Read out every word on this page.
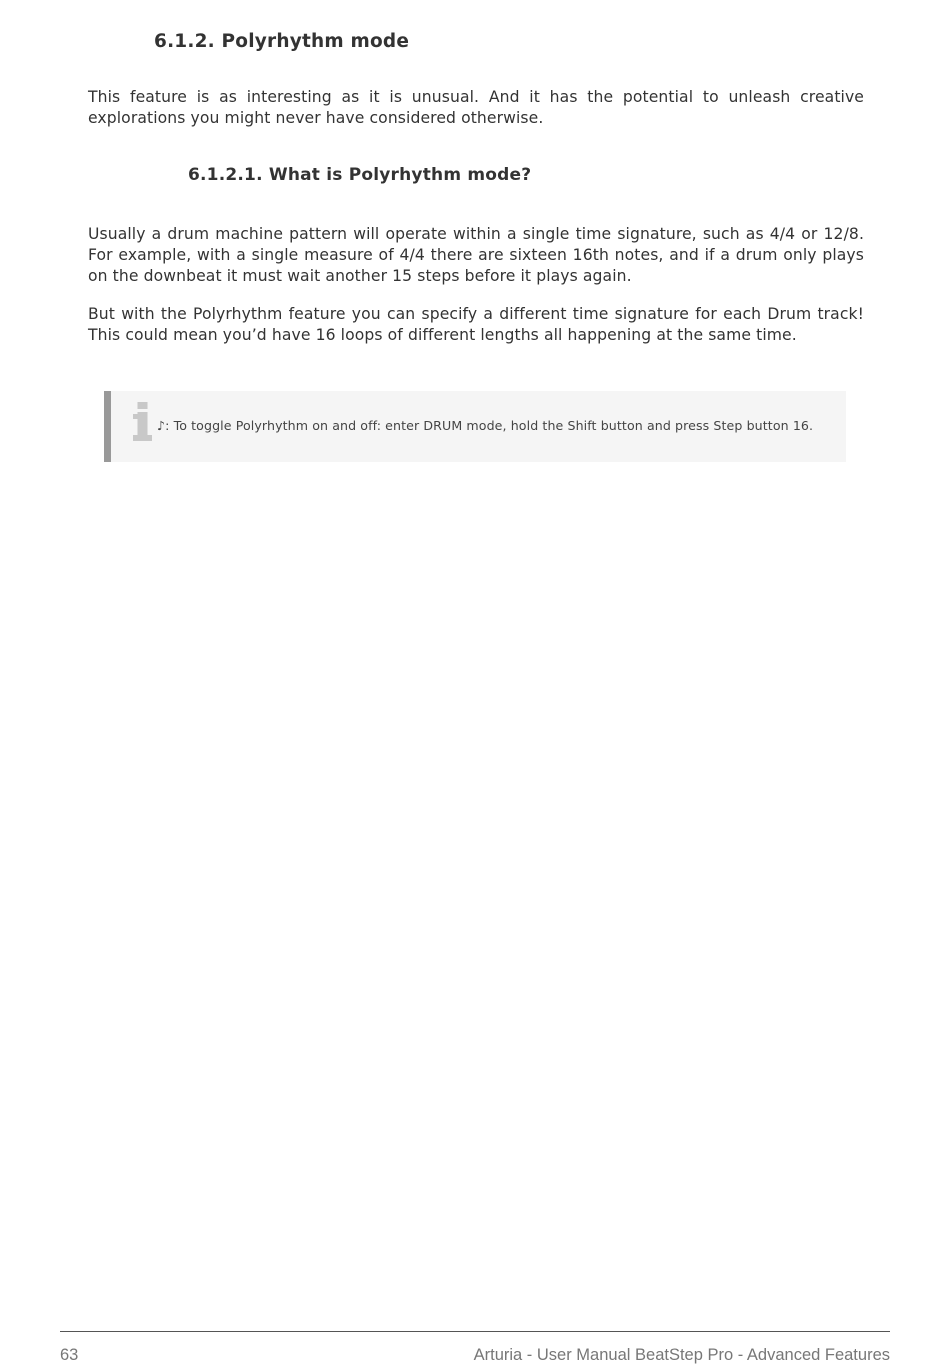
6.1.2. Polyrhythm mode

This feature is as interesting as it is unusual. And it has the potential to unleash creative explorations you might never have considered otherwise.

6.1.2.1. What is Polyrhythm mode?

Usually a drum machine pattern will operate within a single time signature, such as 4/4 or 12/8. For example, with a single measure of 4/4 there are sixteen 16th notes, and if a drum only plays on the downbeat it must wait another 15 steps before it plays again.

But with the Polyrhythm feature you can specify a different time signature for each Drum track! This could mean you’d have 16 loops of different lengths all happening at the same time.

♪: To toggle Polyrhythm on and off: enter DRUM mode, hold the Shift button and press Step button 16.

63	Arturia - User Manual BeatStep Pro - Advanced Features
